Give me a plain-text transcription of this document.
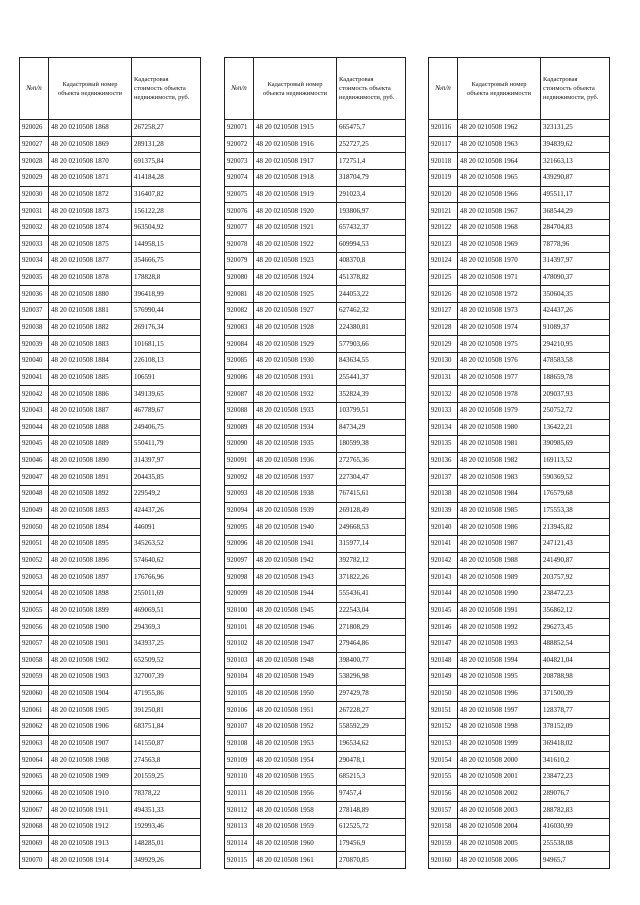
№п/п	Кадастровый номер объекта недвижимости	Кадастровая стоимость объекта недвижимости, руб.
920026	48 20 0210508 1868	267258,27
920027	48 20 0210508 1869	289131,28
920028	48 20 0210508 1870	691375,84
920029	48 20 0210508 1871	414184,28
920030	48 20 0210508 1872	316407,82
920031	48 20 0210508 1873	156122,28
920032	48 20 0210508 1874	963504,92
920033	48 20 0210508 1875	144958,15
920034	48 20 0210508 1877	354666,75
920035	48 20 0210508 1878	178828,8
920036	48 20 0210508 1880	396418,99
920037	48 20 0210508 1881	576990,44
920038	48 20 0210508 1882	269176,34
920039	48 20 0210508 1883	101681,15
920040	48 20 0210508 1884	226108,13
920041	48 20 0210508 1885	106591
920042	48 20 0210508 1886	349139,65
920043	48 20 0210508 1887	467789,67
920044	48 20 0210508 1888	249406,75
920045	48 20 0210508 1889	550411,79
920046	48 20 0210508 1890	314397,97
920047	48 20 0210508 1891	204435,85
920048	48 20 0210508 1892	229549,2
920049	48 20 0210508 1893	424437,26
920050	48 20 0210508 1894	446091
920051	48 20 0210508 1895	345263,52
920052	48 20 0210508 1896	574640,62
920053	48 20 0210508 1897	176766,96
920054	48 20 0210508 1898	255011,69
920055	48 20 0210508 1899	469069,51
920056	48 20 0210508 1900	294369,3
920057	48 20 0210508 1901	343937,25
920058	48 20 0210508 1902	652509,52
920059	48 20 0210508 1903	327007,39
920060	48 20 0210508 1904	471955,86
920061	48 20 0210508 1905	391250,81
920062	48 20 0210508 1906	683751,84
920063	48 20 0210508 1907	141550,87
920064	48 20 0210508 1908	274563,8
920065	48 20 0210508 1909	201559,25
920066	48 20 0210508 1910	78378,22
920067	48 20 0210508 1911	494351,33
920068	48 20 0210508 1912	192993,46
920069	48 20 0210508 1913	148285,01
920070	48 20 0210508 1914	349929,26
№п/п	Кадастровый номер объекта недвижимости	Кадастровая стоимость объекта недвижимости, руб.
920071	48 20 0210508 1915	665475,7
920072	48 20 0210508 1916	252727,25
920073	48 20 0210508 1917	172751,4
920074	48 20 0210508 1918	318704,79
920075	48 20 0210508 1919	291023,4
920076	48 20 0210508 1920	193806,97
920077	48 20 0210508 1921	657432,37
920078	48 20 0210508 1922	609994,53
920079	48 20 0210508 1923	408370,8
920080	48 20 0210508 1924	451378,82
920081	48 20 0210508 1925	244053,22
920082	48 20 0210508 1927	627462,32
920083	48 20 0210508 1928	224380,81
920084	48 20 0210508 1929	577903,66
920085	48 20 0210508 1930	843634,55
920086	48 20 0210508 1931	255441,37
920087	48 20 0210508 1932	352824,39
920088	48 20 0210508 1933	103799,51
920089	48 20 0210508 1934	84734,29
920090	48 20 0210508 1935	180599,38
920091	48 20 0210508 1936	272765,36
920092	48 20 0210508 1937	227304,47
920093	48 20 0210508 1938	767415,61
920094	48 20 0210508 1939	269128,49
920095	48 20 0210508 1940	249668,53
920096	48 20 0210508 1941	315977,14
920097	48 20 0210508 1942	392782,12
920098	48 20 0210508 1943	371822,26
920099	48 20 0210508 1944	555436,41
920100	48 20 0210508 1945	222543,04
920101	48 20 0210508 1946	271808,29
920102	48 20 0210508 1947	279464,86
920103	48 20 0210508 1948	398400,77
920104	48 20 0210508 1949	538296,98
920105	48 20 0210508 1950	297429,78
920106	48 20 0210508 1951	267228,27
920107	48 20 0210508 1952	558592,29
920108	48 20 0210508 1953	196534,62
920109	48 20 0210508 1954	290478,1
920110	48 20 0210508 1955	685215,3
920111	48 20 0210508 1956	97457,4
920112	48 20 0210508 1958	278148,89
920113	48 20 0210508 1959	612525,72
920114	48 20 0210508 1960	179456,9
920115	48 20 0210508 1961	270870,85
№п/п	Кадастровый номер объекта недвижимости	Кадастровая стоимость объекта недвижимости, руб.
920116	48 20 0210508 1962	323131,25
920117	48 20 0210508 1963	394839,62
920118	48 20 0210508 1964	321663,13
920119	48 20 0210508 1965	439290,87
920120	48 20 0210508 1966	495511,17
920121	48 20 0210508 1967	368544,29
920122	48 20 0210508 1968	284704,83
920123	48 20 0210508 1969	78778,96
920124	48 20 0210508 1970	314397,97
920125	48 20 0210508 1971	478090,37
920126	48 20 0210508 1972	350604,35
920127	48 20 0210508 1973	424437,26
920128	48 20 0210508 1974	91089,37
920129	48 20 0210508 1975	294210,95
920130	48 20 0210508 1976	478583,58
920131	48 20 0210508 1977	188659,78
920132	48 20 0210508 1978	209037,93
920133	48 20 0210508 1979	250752,72
920134	48 20 0210508 1980	136422,21
920135	48 20 0210508 1981	390985,69
920136	48 20 0210508 1982	169113,52
920137	48 20 0210508 1983	590369,52
920138	48 20 0210508 1984	176579,68
920139	48 20 0210508 1985	175553,38
920140	48 20 0210508 1986	213945,82
920141	48 20 0210508 1987	247121,43
920142	48 20 0210508 1988	241490,87
920143	48 20 0210508 1989	203757,92
920144	48 20 0210508 1990	238472,23
920145	48 20 0210508 1991	356862,12
920146	48 20 0210508 1992	296273,45
920147	48 20 0210508 1993	488852,54
920148	48 20 0210508 1994	404821,04
920149	48 20 0210508 1995	208788,98
920150	48 20 0210508 1996	371500,39
920151	48 20 0210508 1997	128378,77
920152	48 20 0210508 1998	378152,09
920153	48 20 0210508 1999	369418,02
920154	48 20 0210508 2000	341610,2
920155	48 20 0210508 2001	238472,23
920156	48 20 0210508 2002	289076,7
920157	48 20 0210508 2003	288782,83
920158	48 20 0210508 2004	416030,99
920159	48 20 0210508 2005	255538,08
920160	48 20 0210508 2006	94965,7
